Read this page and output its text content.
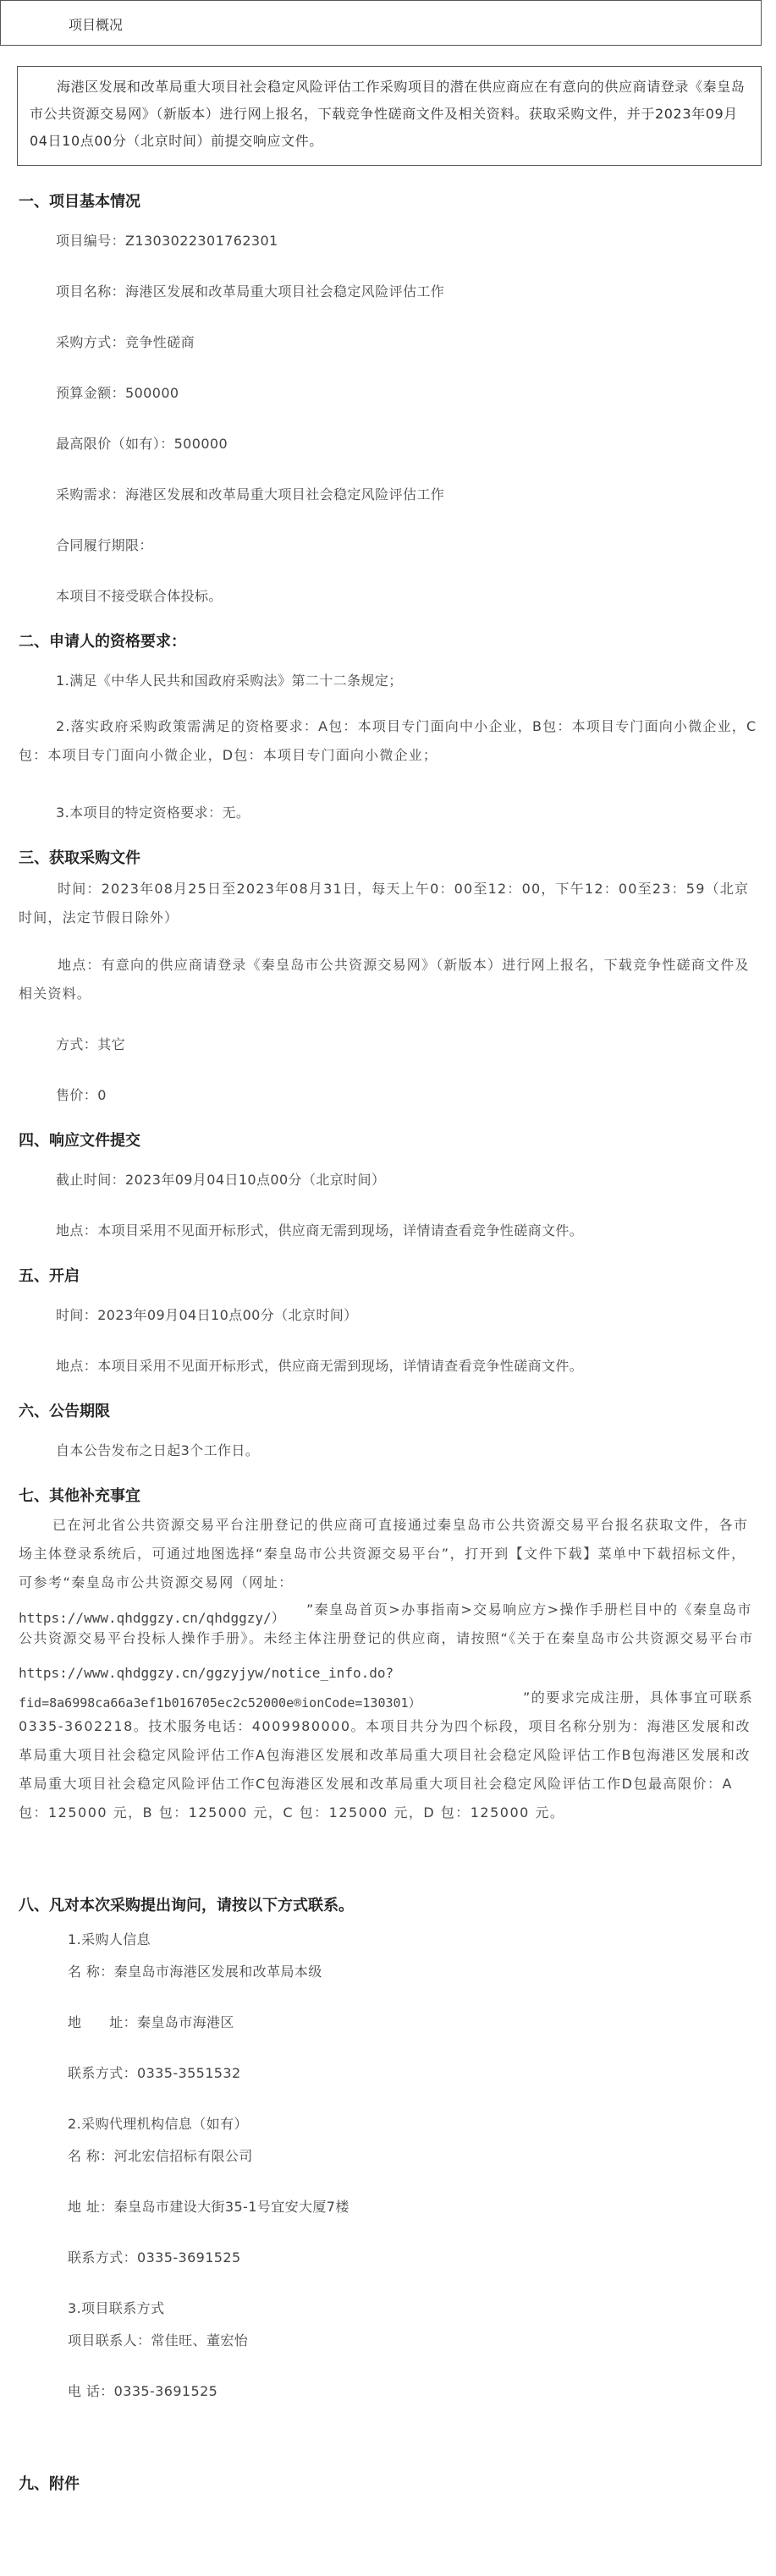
项目概况
海港区发展和改革局重大项目社会稳定风险评估工作采购项目的潜在供应商应在有意向的供应商请登录《秦皇岛市公共资源交易网》（新版本）进行网上报名，下载竞争性磋商文件及相关资料。获取采购文件，并于2023年09月04日10点00分（北京时间）前提交响应文件。
一、项目基本情况
项目编号：Z1303022301762301
项目名称：海港区发展和改革局重大项目社会稳定风险评估工作
采购方式：竞争性磋商
预算金额：500000
最高限价（如有）：500000
采购需求：海港区发展和改革局重大项目社会稳定风险评估工作
合同履行期限：
本项目不接受联合体投标。
二、申请人的资格要求：
1.满足《中华人民共和国政府采购法》第二十二条规定；
2.落实政府采购政策需满足的资格要求：A包：本项目专门面向中小企业，B包：本项目专门面向小微企业，C包：本项目专门面向小微企业，D包：本项目专门面向小微企业；
3.本项目的特定资格要求：无。
三、获取采购文件
时间：2023年08月25日至2023年08月31日，每天上午0：00至12：00，下午12：00至23：59（北京时间，法定节假日除外）
地点：有意向的供应商请登录《秦皇岛市公共资源交易网》（新版本）进行网上报名，下载竞争性磋商文件及相关资料。
方式：其它
售价：0
四、响应文件提交
截止时间：2023年09月04日10点00分（北京时间）
地点：本项目采用不见面开标形式，供应商无需到现场，详情请查看竞争性磋商文件。
五、开启
时间：2023年09月04日10点00分（北京时间）
地点：本项目采用不见面开标形式，供应商无需到现场，详情请查看竞争性磋商文件。
六、公告期限
自本公告发布之日起3个工作日。
七、其他补充事宜
已在河北省公共资源交易平台注册登记的供应商可直接通过秦皇岛市公共资源交易平台报名获取文件，各市场主体登录系统后，可通过地图选择“秦皇岛市公共资源交易平台”，打开到【文件下载】菜单中下载招标文件，可参考“秦皇岛市公共资源交易网（网址：
https://www.qhdggzy.cn/qhdggzy/）
”秦皇岛首页>办事指南>交易响应方>操作手册栏目中的《秦皇岛市公共资源交易平台投标人操作手册》。未经主体注册登记的供应商，请按照“《关于在秦皇岛市公共资源交易平台市
https://www.qhdggzy.cn/ggzyjyw/notice_info.do?
fid=8a6998ca66a3ef1b016705ec2c52000e®ionCode=130301）	”的要求完成注册，具体事宜可联系0335-3602218。技术服务电话：4009980000。本项目共分为四个标段，项目名称分别为：海港区发展和改革局重大项目社会稳定风险评估工作A包海港区发展和改革局重大项目社会稳定风险评估工作B包海港区发展和改革局重大项目社会稳定风险评估工作C包海港区发展和改革局重大项目社会稳定风险评估工作D包最高限价：A 包：125000 元，B 包：125000 元，C 包：125000 元，D 包：125000 元。
八、凡对本次采购提出询问，请按以下方式联系。
1.采购人信息
名 称：秦皇岛市海港区发展和改革局本级
地　　址：秦皇岛市海港区
联系方式：0335-3551532
2.采购代理机构信息（如有）
名 称：河北宏信招标有限公司
地 址：秦皇岛市建设大街35-1号宜安大厦7楼
联系方式：0335-3691525
3.项目联系方式
项目联系人：常佳旺、董宏怡
电 话：0335-3691525
九、附件
